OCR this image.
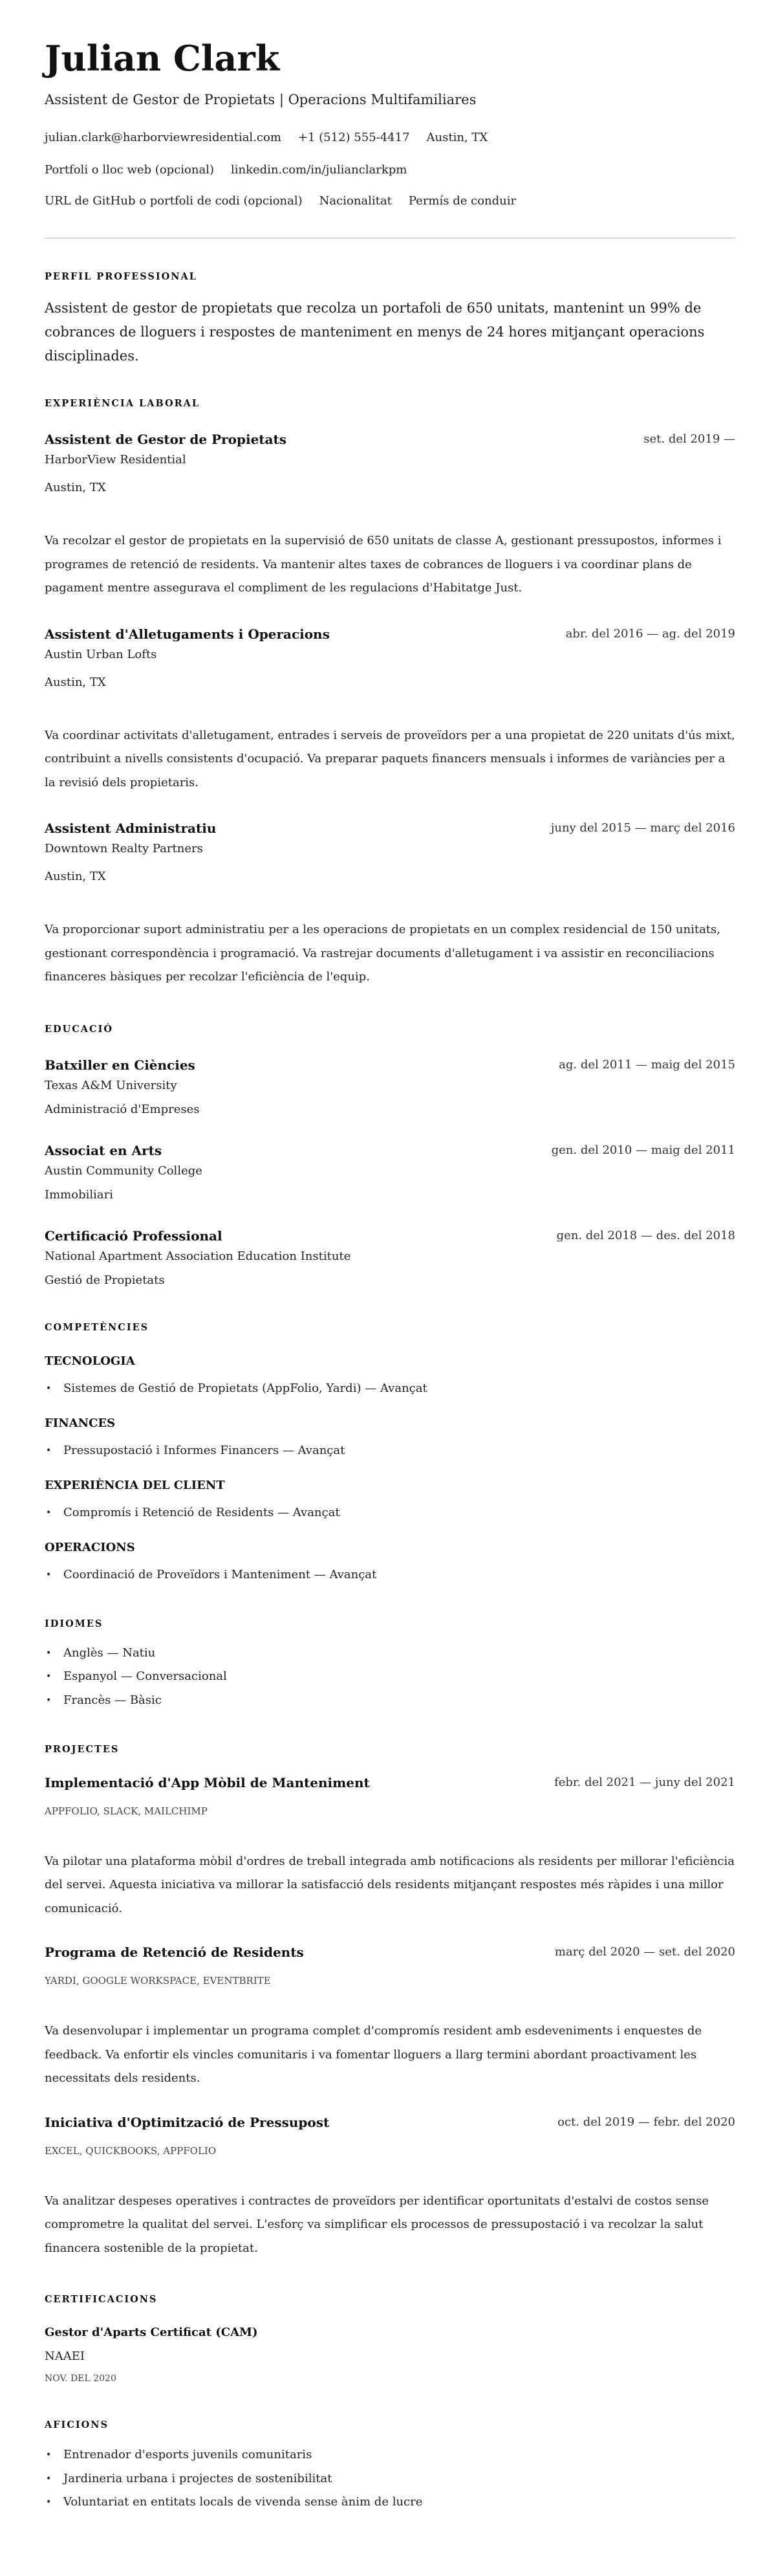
Julian Clark
Assistent de Gestor de Propietats | Operacions Multifamiliares
julian.clark@harborviewresidential.com +1 (512) 555-4417 Austin, TX
Portfoli o lloc web (opcional) linkedin.com/in/julianclarkpm
URL de GitHub o portfoli de codi (opcional) Nacionalitat Permís de conduir
PERFIL PROFESSIONAL

Assistent de gestor de propietats que recolza un portafoli de 650 unitats, mantenint un 99% de cobrances de lloguers i respostes de manteniment en menys de 24 hores mitjançant operacions disciplinades.

EXPERIÈNCIA LABORAL
Assistent de Gestor de Propietats	set. del 2019 —
HarborView Residential
Austin, TX

Va recolzar el gestor de propietats en la supervisió de 650 unitats de classe A, gestionant pressupostos, informes i programes de retenció de residents. Va mantenir altes taxes de cobrances de lloguers i va coordinar plans de pagament mentre assegurava el compliment de les regulacions d'Habitatge Just.

Assistent d'Alletugaments i Operacions	abr. del 2016 — ag. del 2019
Austin Urban Lofts
Austin, TX

Va coordinar activitats d'alletugament, entrades i serveis de proveïdors per a una propietat de 220 unitats d'ús mixt, contribuint a nivells consistents d'ocupació. Va preparar paquets financers mensuals i informes de variàncies per a la revisió dels propietaris.

Assistent Administratiu	juny del 2015 — març del 2016
Downtown Realty Partners
Austin, TX

Va proporcionar suport administratiu per a les operacions de propietats en un complex residencial de 150 unitats, gestionant correspondència i programació. Va rastrejar documents d'alletugament i va assistir en reconciliacions financeres bàsiques per recolzar l'eficiència de l'equip.

EDUCACIÓ
Batxiller en Ciències	ag. del 2011 — maig del 2015
Texas A&M University
Administració d'Empreses
Associat en Arts	gen. del 2010 — maig del 2011
Austin Community College
Immobiliari
Certificació Professional	gen. del 2018 — des. del 2018
National Apartment Association Education Institute
Gestió de Propietats
COMPETÈNCIES
TECNOLOGIA
• Sistemes de Gestió de Propietats (AppFolio, Yardi) — Avançat
FINANCES
• Pressupostació i Informes Financers — Avançat
EXPERIÈNCIA DEL CLIENT
• Compromís i Retenció de Residents — Avançat
OPERACIONS
• Coordinació de Proveïdors i Manteniment — Avançat
IDIOMES
• Anglès — Natiu
• Espanyol — Conversacional
• Francès — Bàsic
PROJECTES
Implementació d'App Mòbil de Manteniment	febr. del 2021 — juny del 2021
APPFOLIO, SLACK, MAILCHIMP

Va pilotar una plataforma mòbil d'ordres de treball integrada amb notificacions als residents per millorar l'eficiència del servei. Aquesta iniciativa va millorar la satisfacció dels residents mitjançant respostes més ràpides i una millor comunicació.

Programa de Retenció de Residents	març del 2020 — set. del 2020
YARDI, GOOGLE WORKSPACE, EVENTBRITE

Va desenvolupar i implementar un programa complet d'compromís resident amb esdeveniments i enquestes de feedback. Va enfortir els vincles comunitaris i va fomentar lloguers a llarg termini abordant proactivament les necessitats dels residents.

Iniciativa d'Optimització de Pressupost	oct. del 2019 — febr. del 2020
EXCEL, QUICKBOOKS, APPFOLIO

Va analitzar despeses operatives i contractes de proveïdors per identificar oportunitats d'estalvi de costos sense comprometre la qualitat del servei. L'esforç va simplificar els processos de pressupostació i va recolzar la salut financera sostenible de la propietat.

CERTIFICACIONS
Gestor d'Aparts Certificat (CAM)
NAAEI
NOV. DEL 2020
AFICIONS
• Entrenador d'esports juvenils comunitaris
• Jardineria urbana i projectes de sostenibilitat
• Voluntariat en entitats locals de vivenda sense ànim de lucre
